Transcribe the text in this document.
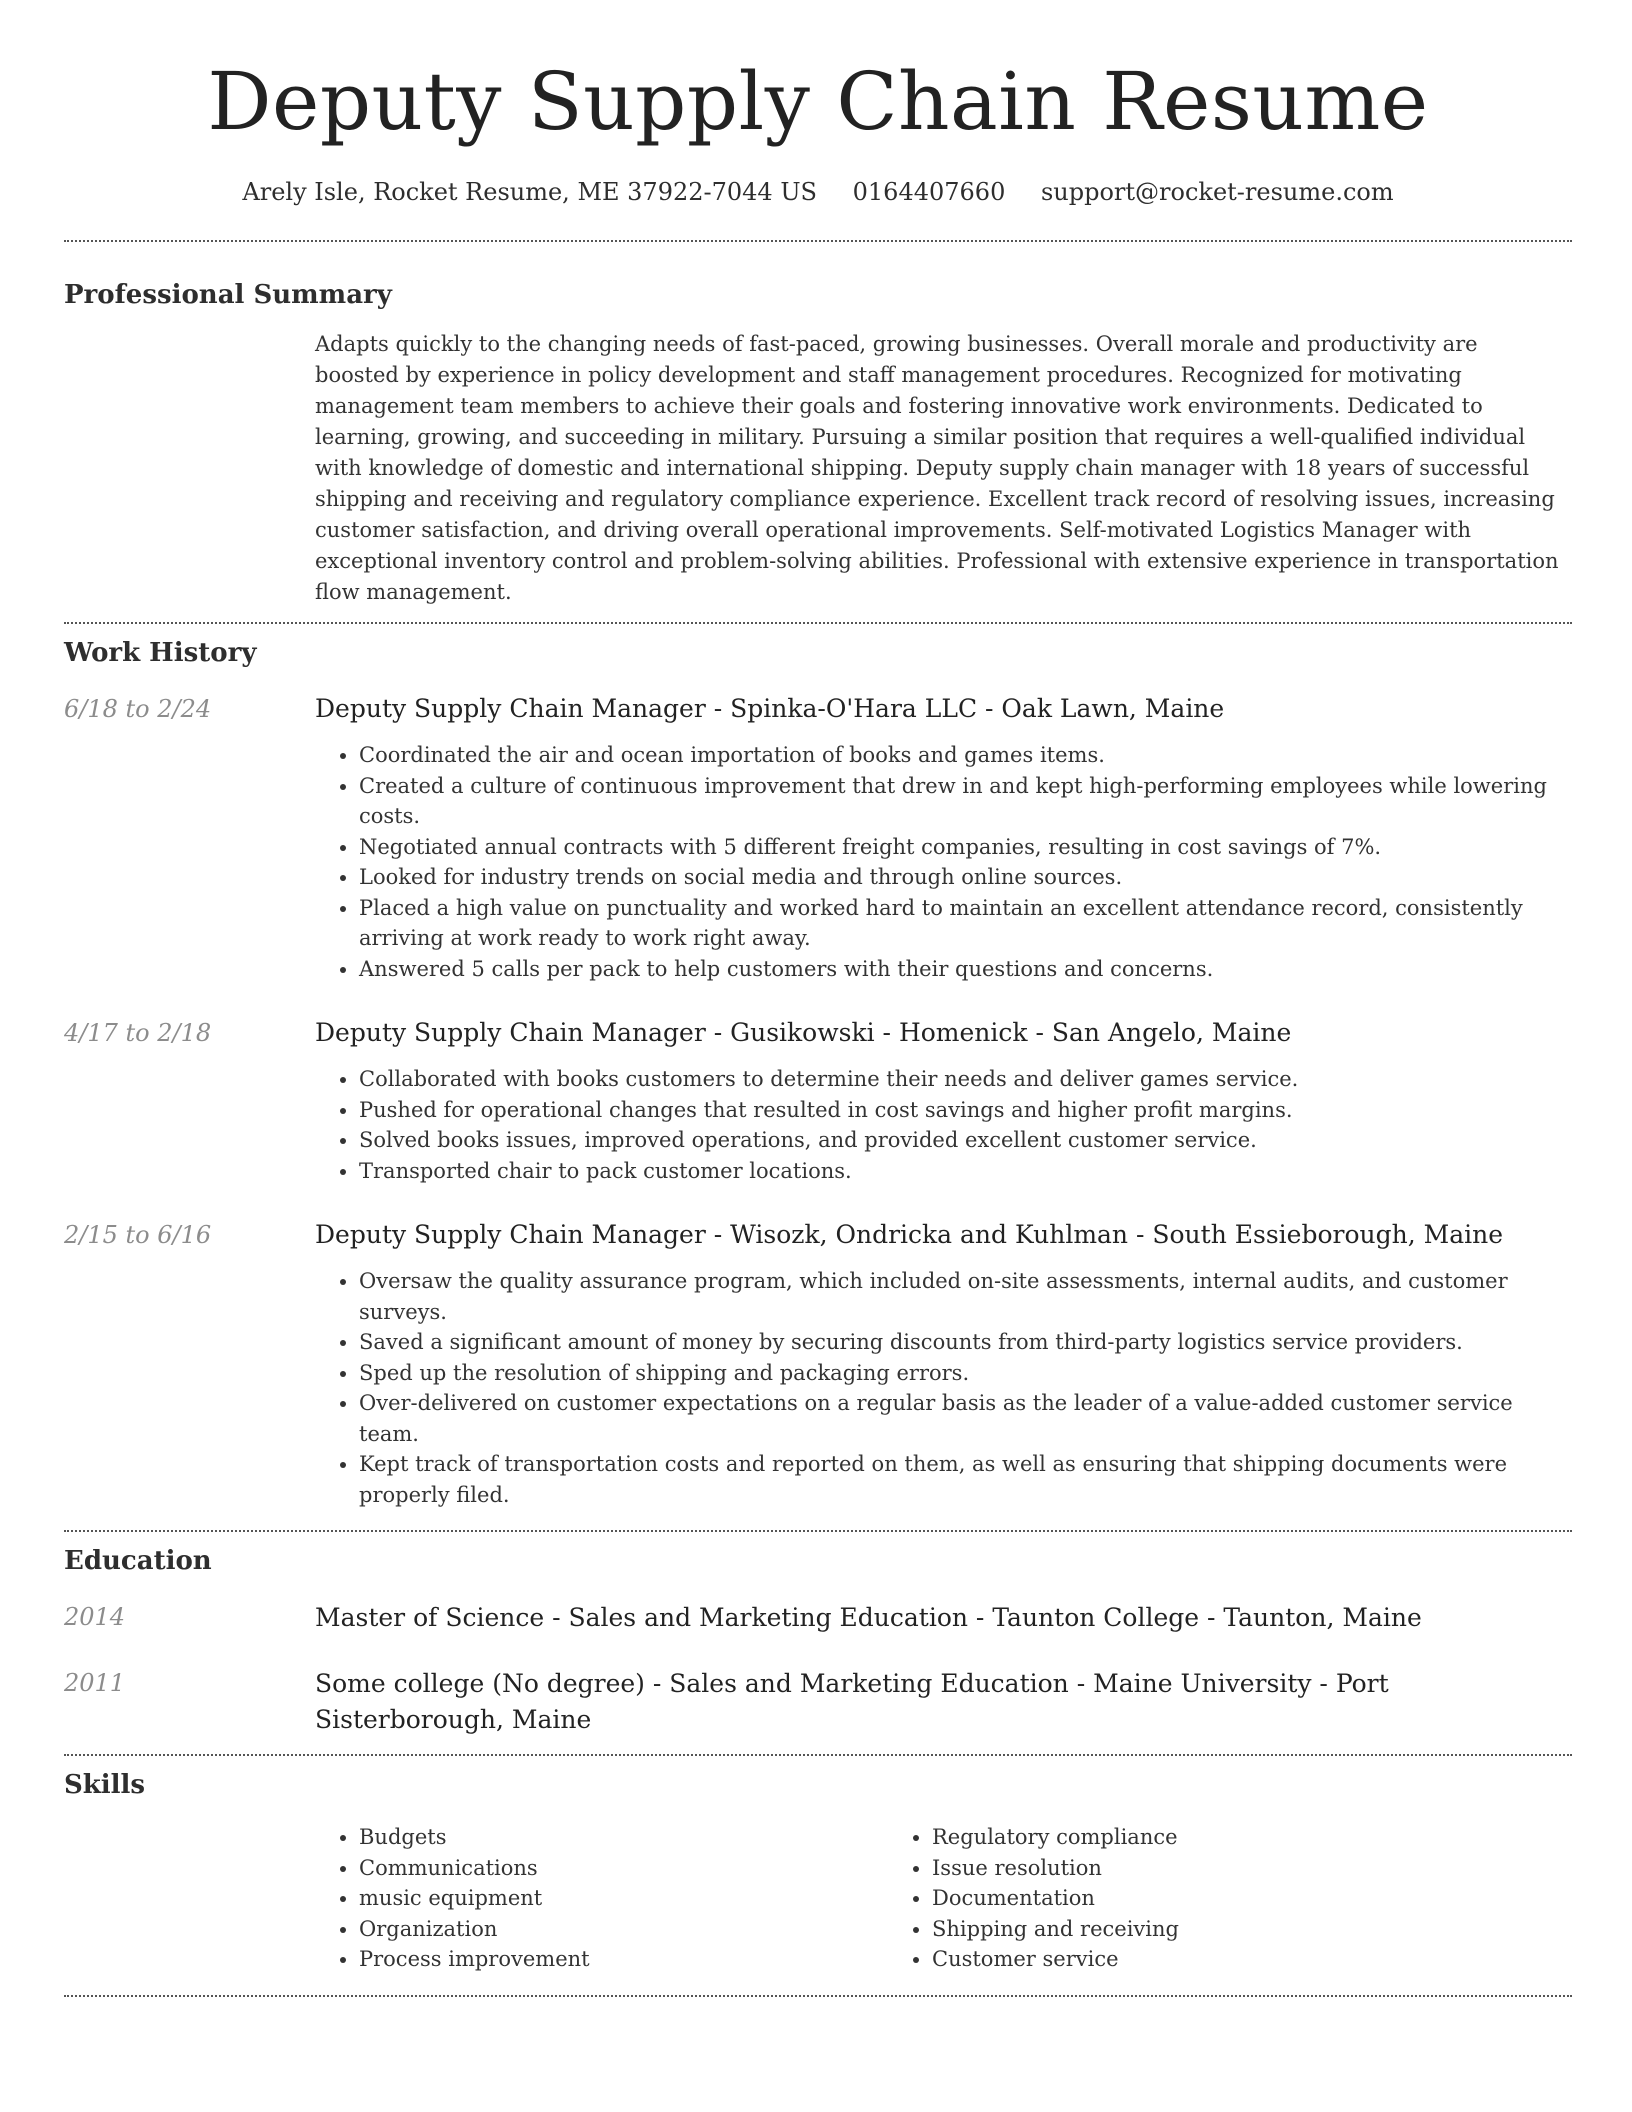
Deputy Supply Chain Resume
Arely Isle, Rocket Resume, ME 37922-7044 US 0164407660 support@rocket-resume.com
Professional Summary

Adapts quickly to the changing needs of fast-paced, growing businesses. Overall morale and productivity are boosted by experience in policy development and staff management procedures. Recognized for motivating management team members to achieve their goals and fostering innovative work environments. Dedicated to learning, growing, and succeeding in military. Pursuing a similar position that requires a well-qualified individual with knowledge of domestic and international shipping. Deputy supply chain manager with 18 years of successful shipping and receiving and regulatory compliance experience. Excellent track record of resolving issues, increasing customer satisfaction, and driving overall operational improvements. Self-motivated Logistics Manager with exceptional inventory control and problem-solving abilities. Professional with extensive experience in transportation flow management.

Work History
6/18 to 2/24	Deputy Supply Chain Manager - Spinka-O'Hara LLC - Oak Lawn, Maine

• Coordinated the air and ocean importation of books and games items.
• Created a culture of continuous improvement that drew in and kept high-performing employees while lowering costs.
• Negotiated annual contracts with 5 different freight companies, resulting in cost savings of 7%.
• Looked for industry trends on social media and through online sources.
• Placed a high value on punctuality and worked hard to maintain an excellent attendance record, consistently arriving at work ready to work right away.
• Answered 5 calls per pack to help customers with their questions and concerns.
4/17 to 2/18	Deputy Supply Chain Manager - Gusikowski - Homenick - San Angelo, Maine

• Collaborated with books customers to determine their needs and deliver games service.
• Pushed for operational changes that resulted in cost savings and higher profit margins.
• Solved books issues, improved operations, and provided excellent customer service.
• Transported chair to pack customer locations.
2/15 to 6/16	Deputy Supply Chain Manager - Wisozk, Ondricka and Kuhlman - South Essieborough, Maine

• Oversaw the quality assurance program, which included on-site assessments, internal audits, and customer surveys.
• Saved a significant amount of money by securing discounts from third-party logistics service providers.
• Sped up the resolution of shipping and packaging errors.
• Over-delivered on customer expectations on a regular basis as the leader of a value-added customer service team.
• Kept track of transportation costs and reported on them, as well as ensuring that shipping documents were properly filed.
Education
2014	Master of Science - Sales and Marketing Education - Taunton College - Taunton, Maine

2011	Some college (No degree) - Sales and Marketing Education - Maine University - Port Sisterborough, Maine

Skills
• Budgets
• Communications
• music equipment
• Organization
• Process improvement
• Regulatory compliance
• Issue resolution
• Documentation
• Shipping and receiving
• Customer service
